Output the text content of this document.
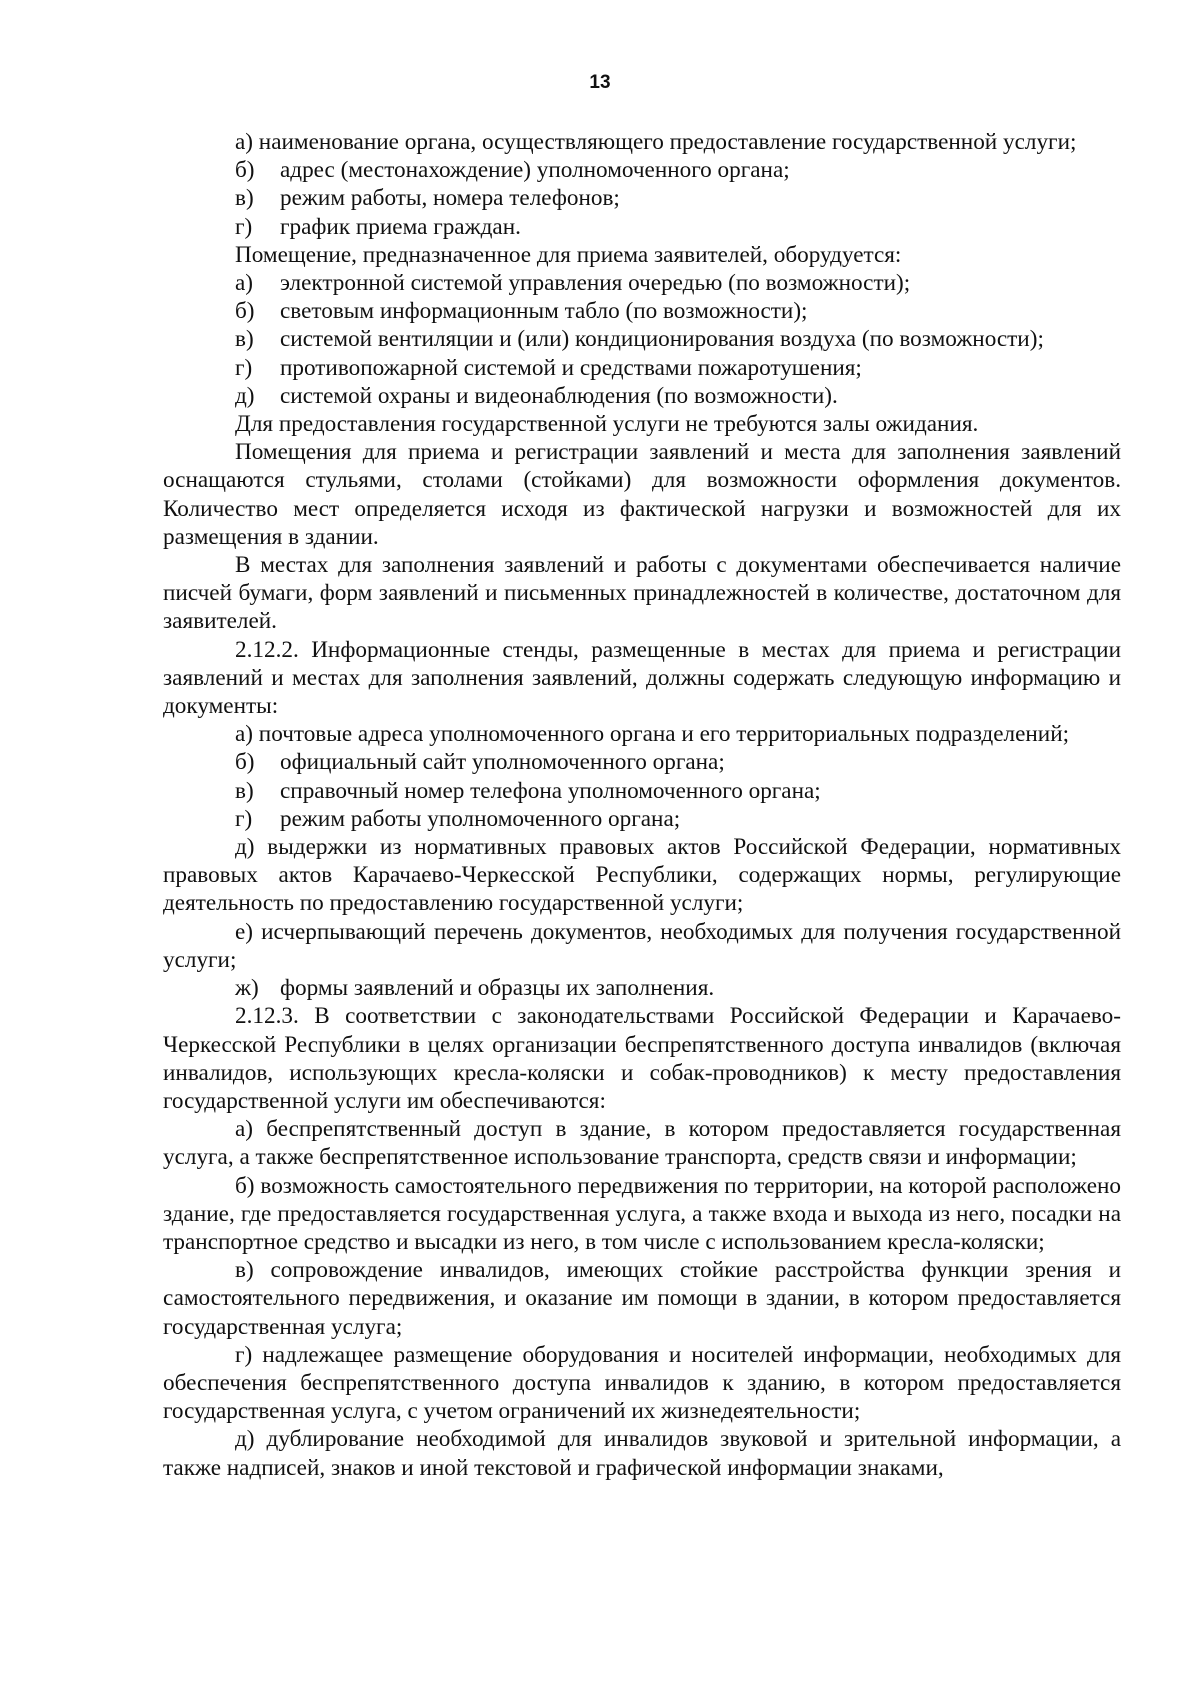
13

а) наименование органа, осуществляющего предоставление государственной услуги;

б) адрес (местонахождение) уполномоченного органа;

в) режим работы, номера телефонов;

г) график приема граждан.

Помещение, предназначенное для приема заявителей, оборудуется:

а) электронной системой управления очередью (по возможности);

б) световым информационным табло (по возможности);

в) системой вентиляции и (или) кондиционирования воздуха (по возможности);

г) противопожарной системой и средствами пожаротушения;

д) системой охраны и видеонаблюдения (по возможности).

Для предоставления государственной услуги не требуются залы ожидания.

Помещения для приема и регистрации заявлений и места для заполнения заявлений оснащаются стульями, столами (стойками) для возможности оформления документов. Количество мест определяется исходя из фактической нагрузки и возможностей для их размещения в здании.

В местах для заполнения заявлений и работы с документами обеспечивается наличие писчей бумаги, форм заявлений и письменных принадлежностей в количестве, достаточном для заявителей.

2.12.2. Информационные стенды, размещенные в местах для приема и регистрации заявлений и местах для заполнения заявлений, должны содержать следующую информацию и документы:

а) почтовые адреса уполномоченного органа и его территориальных подразделений;

б) официальный сайт уполномоченного органа;

в) справочный номер телефона уполномоченного органа;

г) режим работы уполномоченного органа;

д) выдержки из нормативных правовых актов Российской Федерации, нормативных правовых актов Карачаево-Черкесской Республики, содержащих нормы, регулирующие деятельность по предоставлению государственной услуги;

е) исчерпывающий перечень документов, необходимых для получения государственной услуги;

ж) формы заявлений и образцы их заполнения.

2.12.3. В соответствии с законодательствами Российской Федерации и Карачаево-Черкесской Республики в целях организации беспрепятственного доступа инвалидов (включая инвалидов, использующих кресла-коляски и собак-проводников) к месту предоставления государственной услуги им обеспечиваются:

а) беспрепятственный доступ в здание, в котором предоставляется государственная услуга, а также беспрепятственное использование транспорта, средств связи и информации;

б) возможность самостоятельного передвижения по территории, на которой расположено здание, где предоставляется государственная услуга, а также входа и выхода из него, посадки на транспортное средство и высадки из него, в том числе с использованием кресла-коляски;

в) сопровождение инвалидов, имеющих стойкие расстройства функции зрения и самостоятельного передвижения, и оказание им помощи в здании, в котором предоставляется государственная услуга;

г) надлежащее размещение оборудования и носителей информации, необходимых для обеспечения беспрепятственного доступа инвалидов к зданию, в котором предоставляется государственная услуга, с учетом ограничений их жизнедеятельности;

д) дублирование необходимой для инвалидов звуковой и зрительной информации, а также надписей, знаков и иной текстовой и графической информации знаками,
